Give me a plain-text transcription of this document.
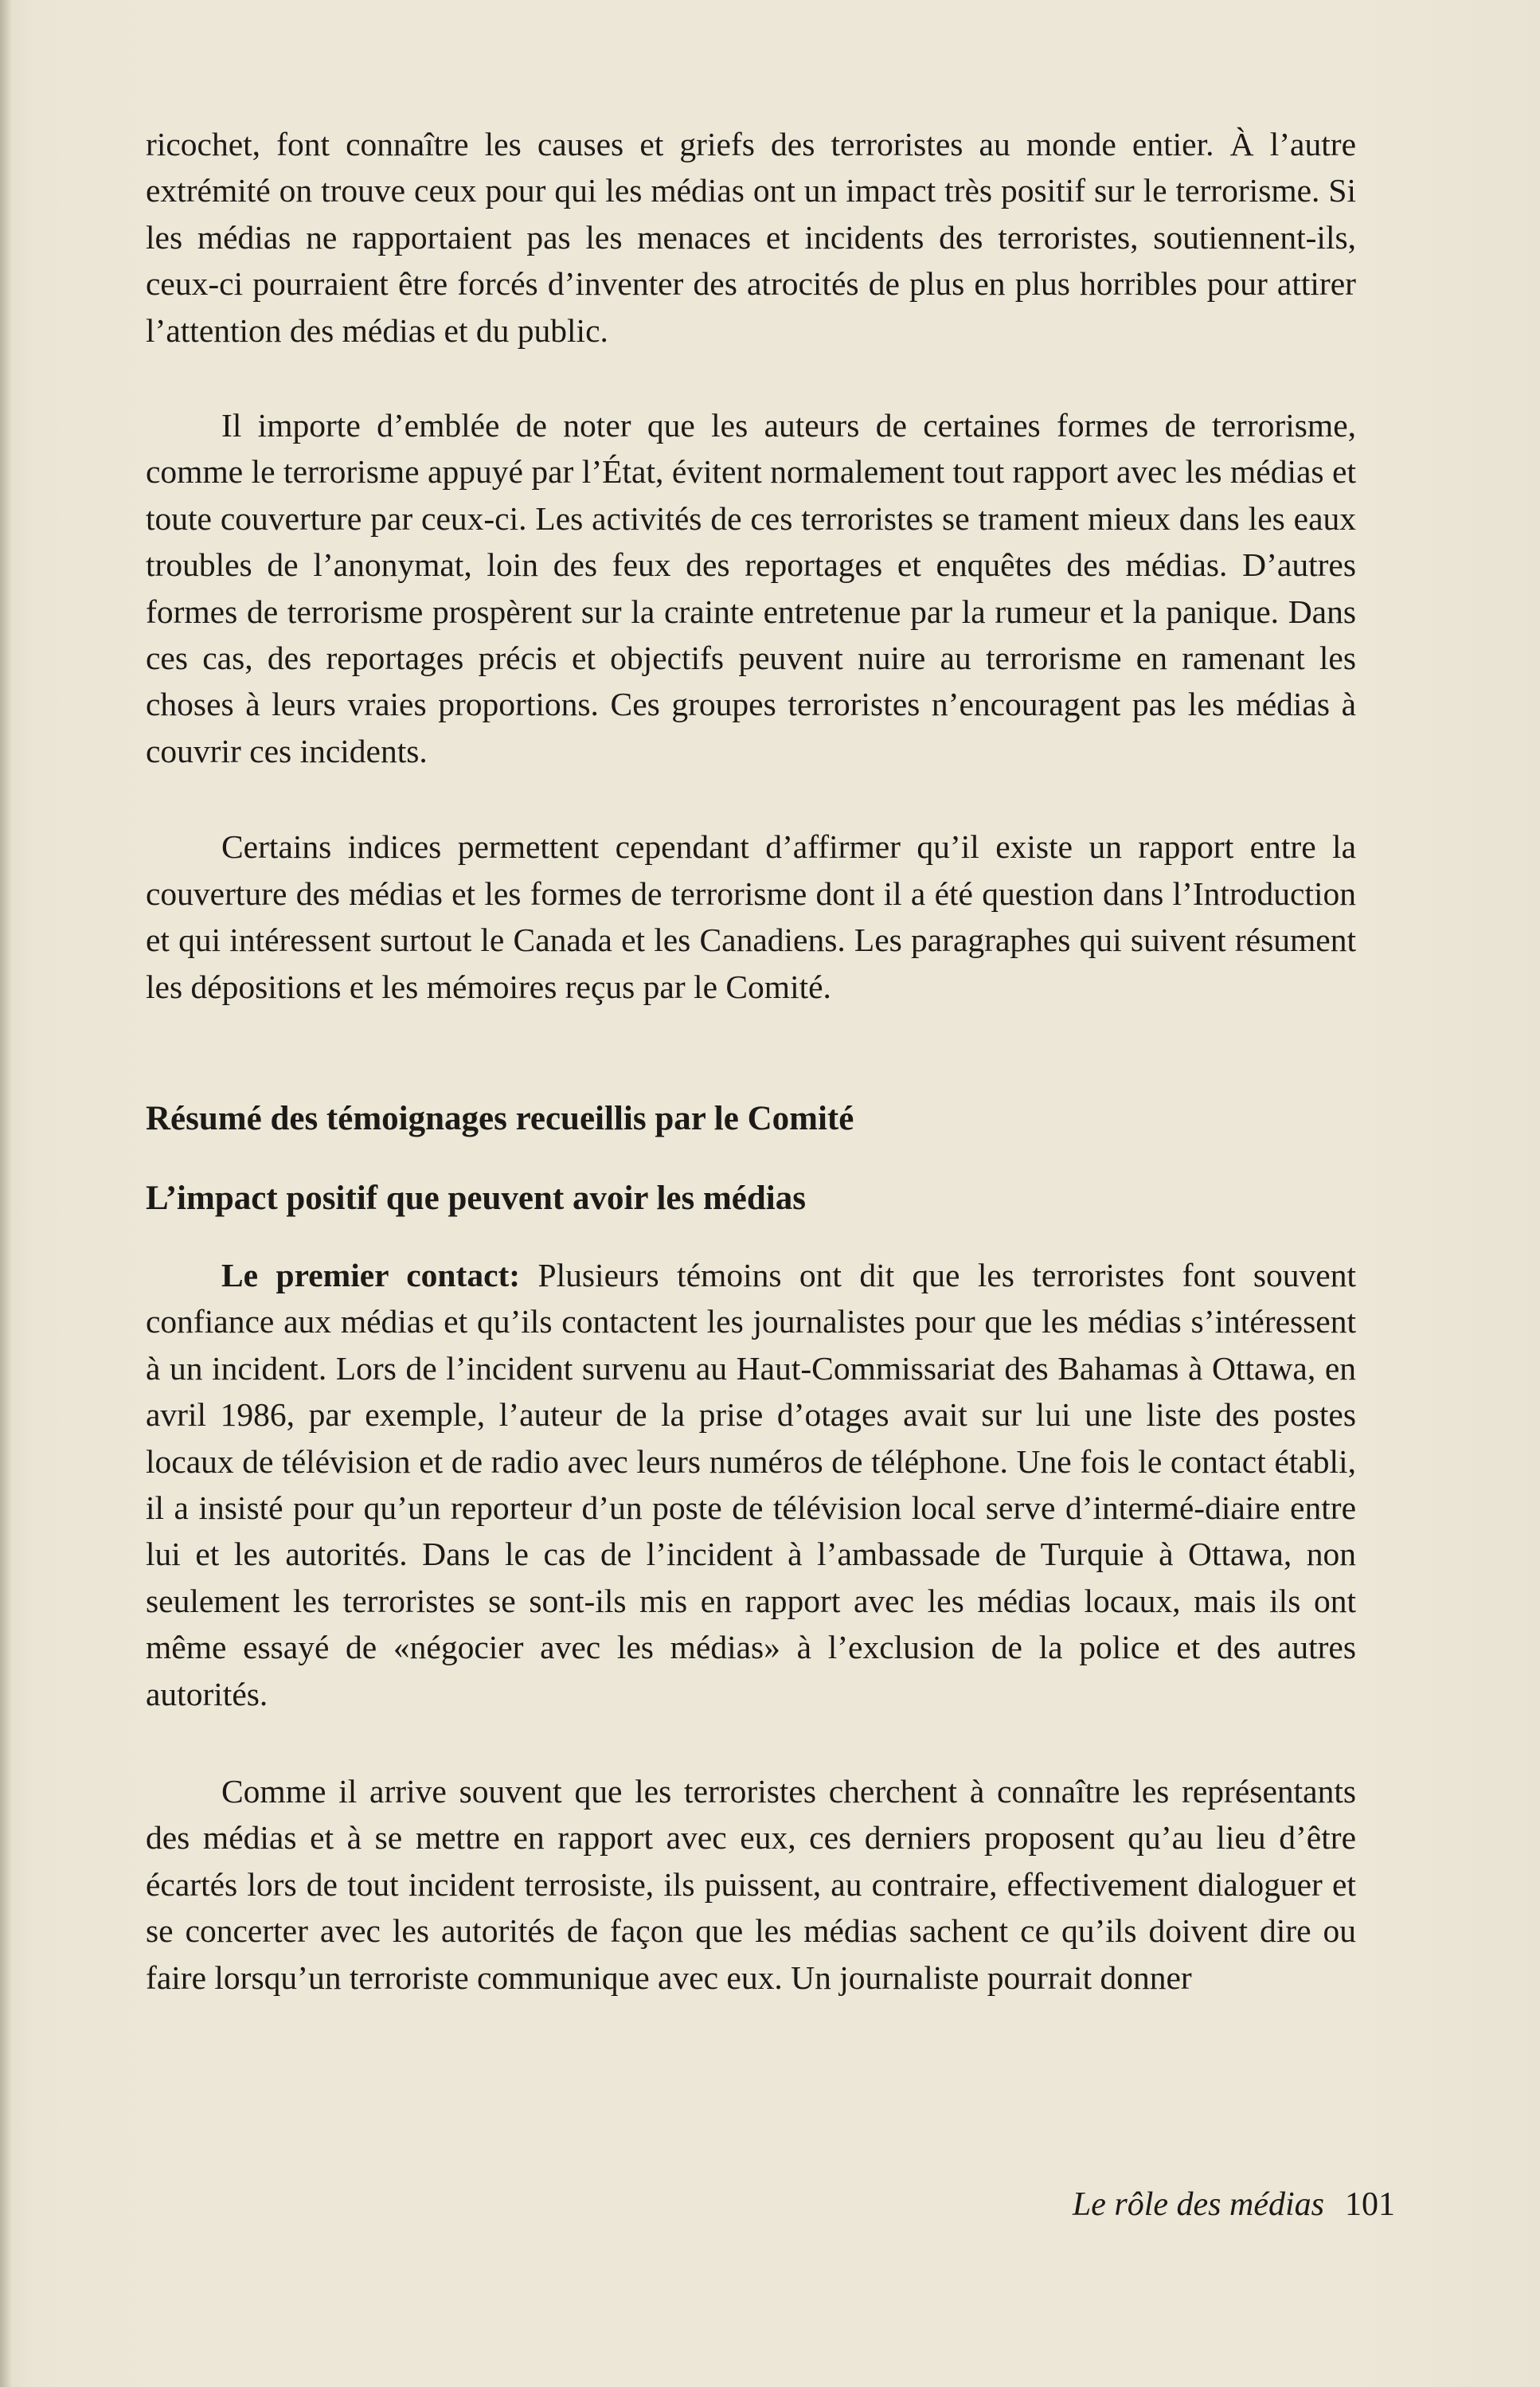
ricochet, font connaître les causes et griefs des terroristes au monde entier. À l’autre extrémité on trouve ceux pour qui les médias ont un impact très positif sur le terrorisme. Si les médias ne rapportaient pas les menaces et incidents des terroristes, soutiennent-ils, ceux-ci pourraient être forcés d’inventer des atrocités de plus en plus horribles pour attirer l’attention des médias et du public.

Il importe d’emblée de noter que les auteurs de certaines formes de terrorisme, comme le terrorisme appuyé par l’État, évitent normalement tout rapport avec les médias et toute couverture par ceux-ci. Les activités de ces terroristes se trament mieux dans les eaux troubles de l’anonymat, loin des feux des reportages et enquêtes des médias. D’autres formes de terrorisme prospèrent sur la crainte entretenue par la rumeur et la panique. Dans ces cas, des reportages précis et objectifs peuvent nuire au terrorisme en ramenant les choses à leurs vraies proportions. Ces groupes terroristes n’encouragent pas les médias à couvrir ces incidents.

Certains indices permettent cependant d’affirmer qu’il existe un rapport entre la couverture des médias et les formes de terrorisme dont il a été question dans l’Introduction et qui intéressent surtout le Canada et les Canadiens. Les paragraphes qui suivent résument les dépositions et les mémoires reçus par le Comité.

Résumé des témoignages recueillis par le Comité
L’impact positif que peuvent avoir les médias

Le premier contact: Plusieurs témoins ont dit que les terroristes font souvent confiance aux médias et qu’ils contactent les journalistes pour que les médias s’intéressent à un incident. Lors de l’incident survenu au Haut-Commissariat des Bahamas à Ottawa, en avril 1986, par exemple, l’auteur de la prise d’otages avait sur lui une liste des postes locaux de télévision et de radio avec leurs numéros de téléphone. Une fois le contact établi, il a insisté pour qu’un reporteur d’un poste de télévision local serve d’intermé-diaire entre lui et les autorités. Dans le cas de l’incident à l’ambassade de Turquie à Ottawa, non seulement les terroristes se sont-ils mis en rapport avec les médias locaux, mais ils ont même essayé de «négocier avec les médias» à l’exclusion de la police et des autres autorités.

Comme il arrive souvent que les terroristes cherchent à connaître les représentants des médias et à se mettre en rapport avec eux, ces derniers proposent qu’au lieu d’être écartés lors de tout incident terrosiste, ils puissent, au contraire, effectivement dialoguer et se concerter avec les autorités de façon que les médias sachent ce qu’ils doivent dire ou faire lorsqu’un terroriste communique avec eux. Un journaliste pourrait donner

Le rôle des médias 101
